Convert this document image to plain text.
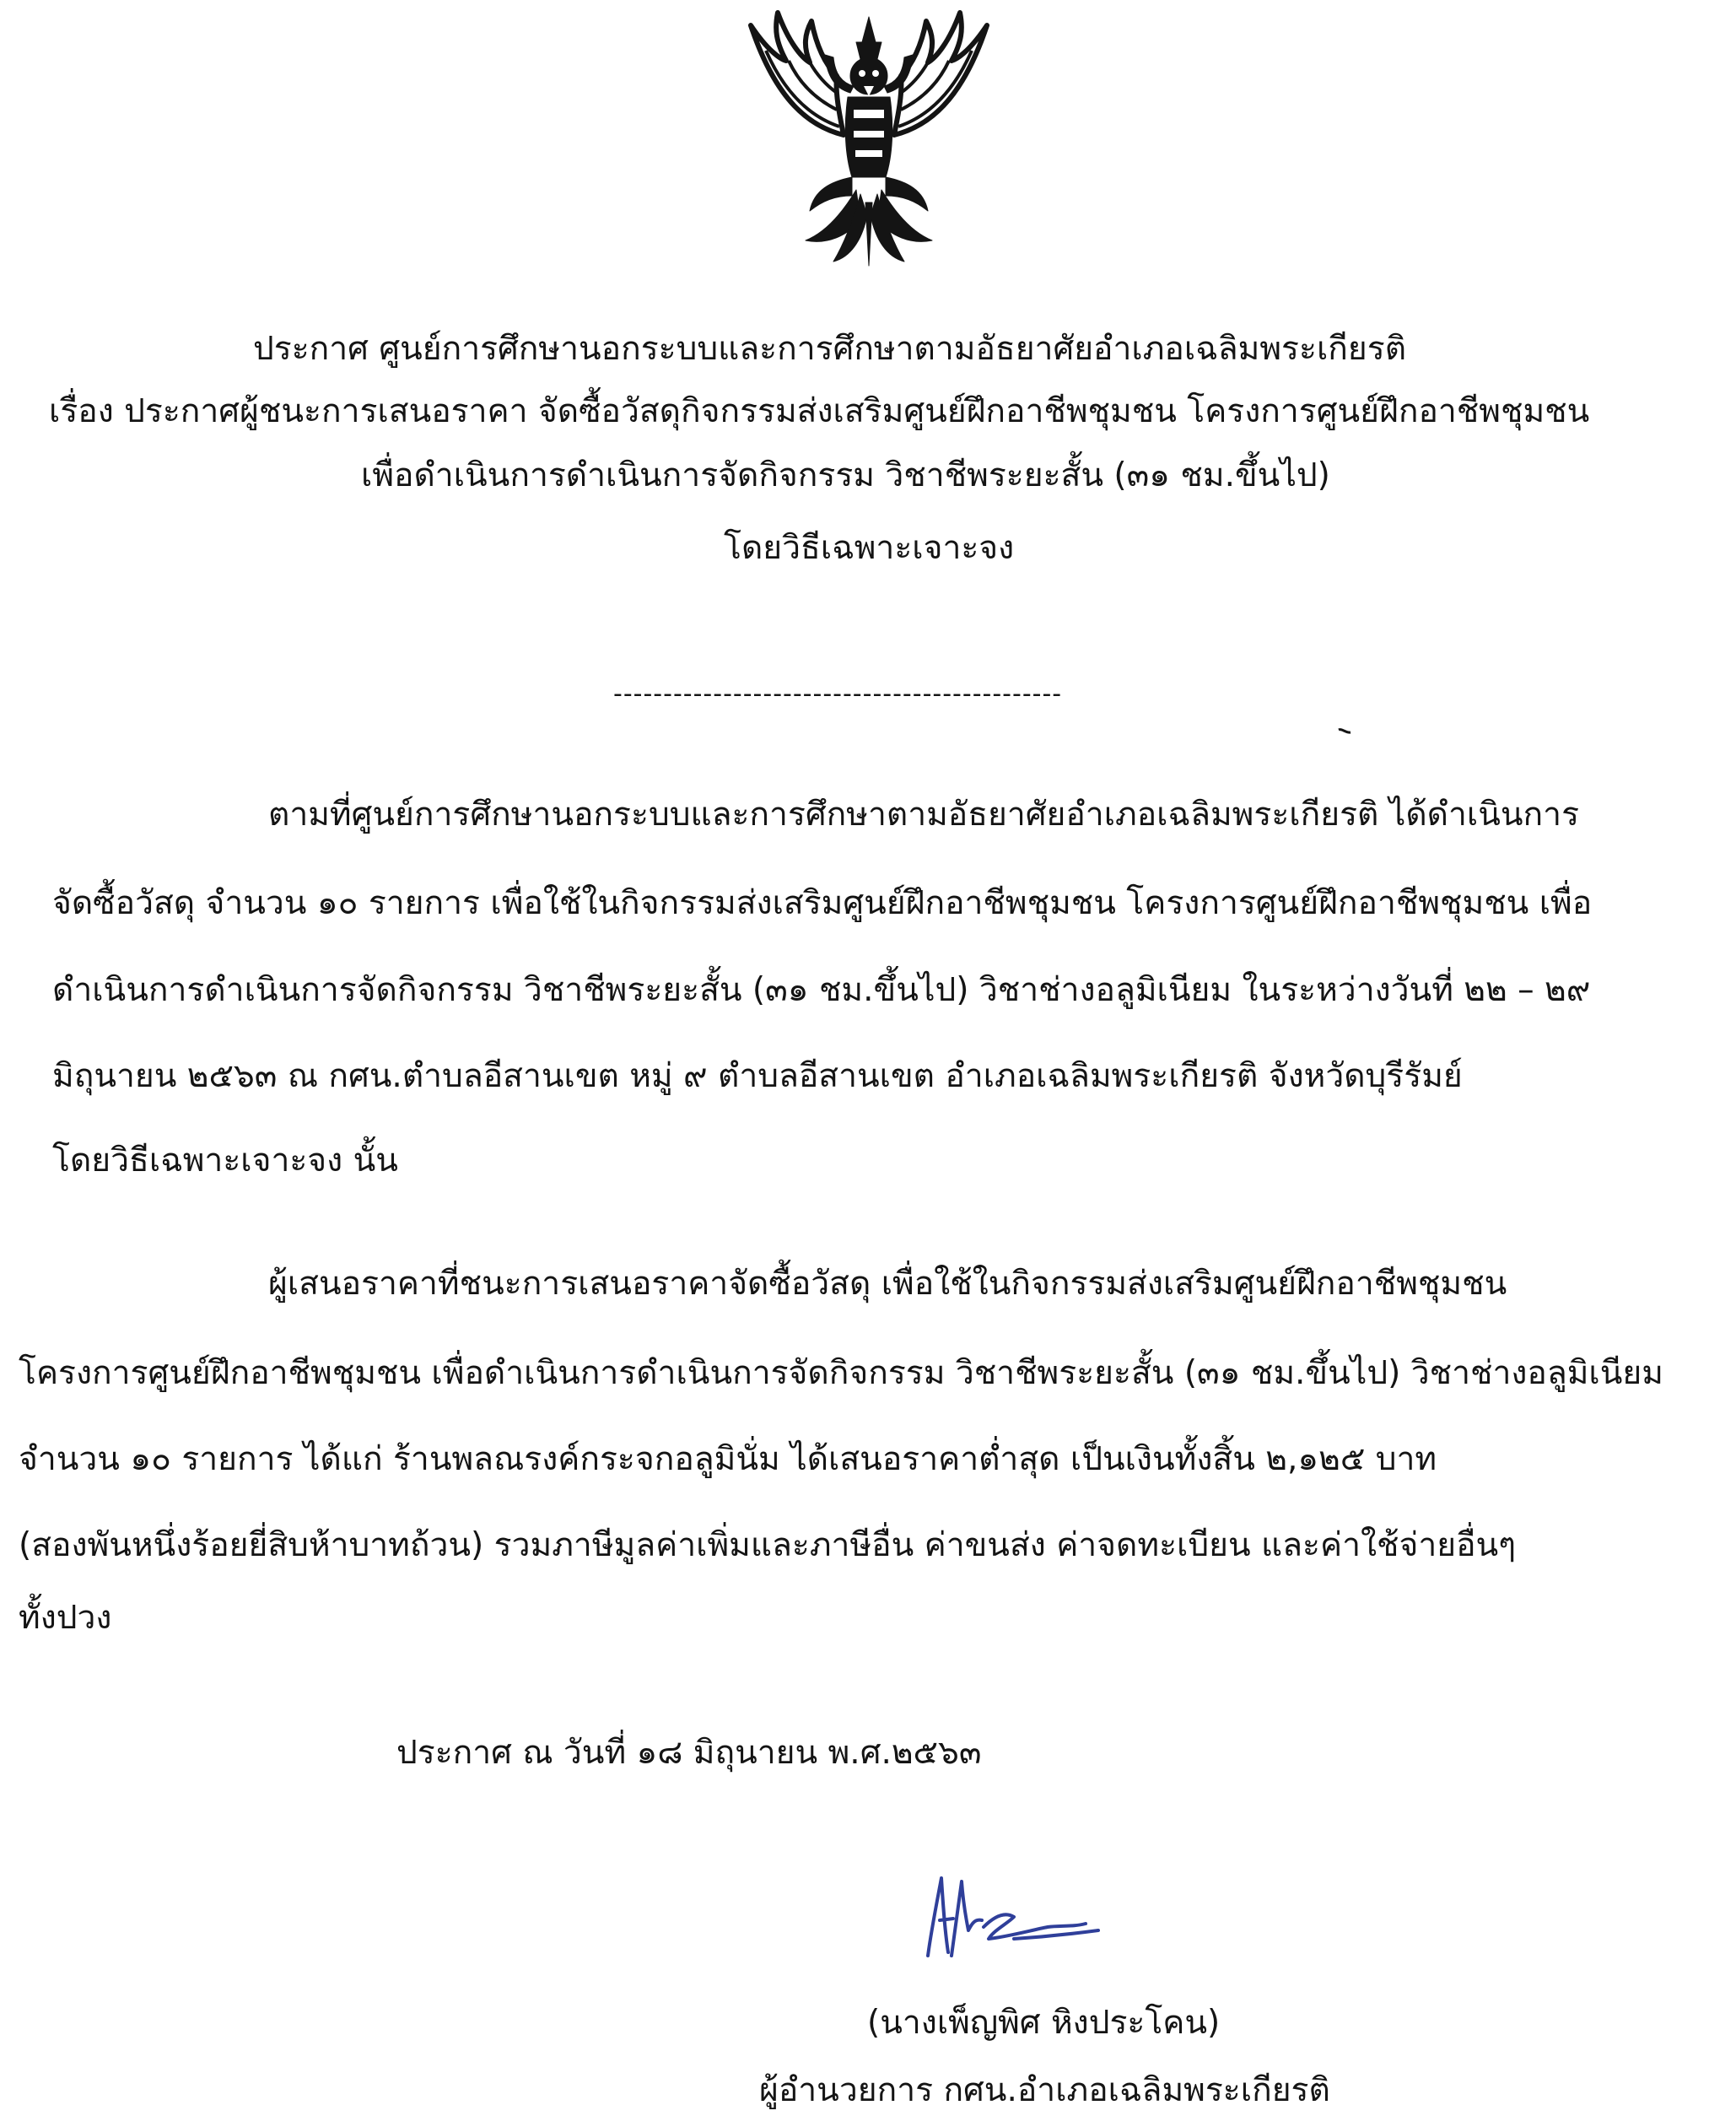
ประกาศ ศูนย์การศึกษานอกระบบและการศึกษาตามอัธยาศัยอำเภอเฉลิมพระเกียรติ
เรื่อง ประกาศผู้ชนะการเสนอราคา จัดซื้อวัสดุกิจกรรมส่งเสริมศูนย์ฝึกอาชีพชุมชน โครงการศูนย์ฝึกอาชีพชุมชน
เพื่อดำเนินการดำเนินการจัดกิจกรรม วิชาชีพระยะสั้น (๓๑ ชม.ขึ้นไป)
โดยวิธีเฉพาะเจาะจง
---------------------------------------------
ตามที่ศูนย์การศึกษานอกระบบและการศึกษาตามอัธยาศัยอำเภอเฉลิมพระเกียรติ ได้ดำเนินการ
จัดซื้อวัสดุ จำนวน ๑๐ รายการ เพื่อใช้ในกิจกรรมส่งเสริมศูนย์ฝึกอาชีพชุมชน โครงการศูนย์ฝึกอาชีพชุมชน เพื่อ
ดำเนินการดำเนินการจัดกิจกรรม วิชาชีพระยะสั้น (๓๑ ชม.ขึ้นไป) วิชาช่างอลูมิเนียม ในระหว่างวันที่ ๒๒ – ๒๙
มิถุนายน ๒๕๖๓ ณ กศน.ตำบลอีสานเขต หมู่ ๙ ตำบลอีสานเขต อำเภอเฉลิมพระเกียรติ จังหวัดบุรีรัมย์
โดยวิธีเฉพาะเจาะจง นั้น
ผู้เสนอราคาที่ชนะการเสนอราคาจัดซื้อวัสดุ เพื่อใช้ในกิจกรรมส่งเสริมศูนย์ฝึกอาชีพชุมชน
โครงการศูนย์ฝึกอาชีพชุมชน เพื่อดำเนินการดำเนินการจัดกิจกรรม วิชาชีพระยะสั้น (๓๑ ชม.ขึ้นไป) วิชาช่างอลูมิเนียม
จำนวน ๑๐ รายการ ได้แก่ ร้านพลณรงค์กระจกอลูมินั่ม ได้เสนอราคาต่ำสุด เป็นเงินทั้งสิ้น ๒,๑๒๕ บาท
(สองพันหนึ่งร้อยยี่สิบห้าบาทถ้วน) รวมภาษีมูลค่าเพิ่มและภาษีอื่น ค่าขนส่ง ค่าจดทะเบียน และค่าใช้จ่ายอื่นๆ
ทั้งปวง
ประกาศ ณ วันที่ ๑๘ มิถุนายน พ.ศ.๒๕๖๓
(นางเพ็ญพิศ หิงประโคน)
ผู้อำนวยการ กศน.อำเภอเฉลิมพระเกียรติ
